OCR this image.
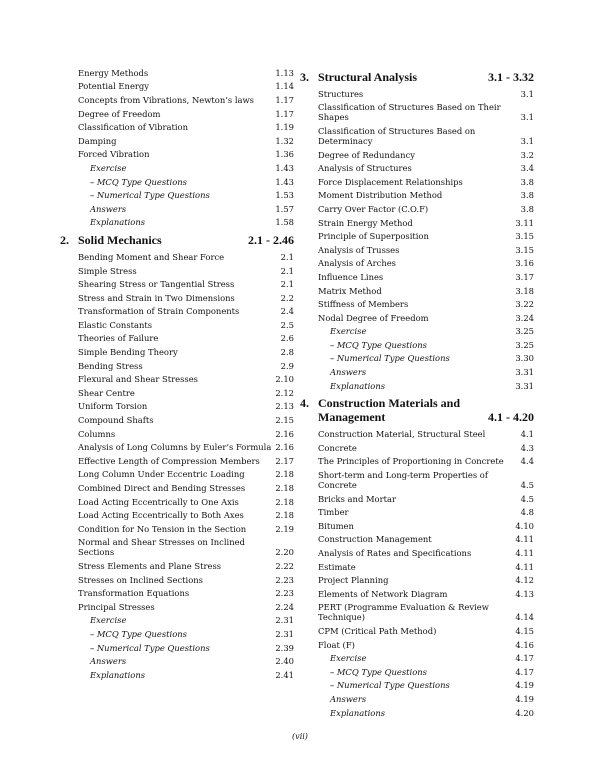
Energy Methods	1.13
Potential Energy	1.14
Concepts from Vibrations, Newton’s laws	1.17
Degree of Freedom	1.17
Classification of Vibration	1.19
Damping	1.32
Forced Vibration	1.36
Exercise	1.43
– MCQ Type Questions	1.43
– Numerical Type Questions	1.53
Answers	1.57
Explanations	1.58
2. Solid Mechanics	2.1 - 2.46
Bending Moment and Shear Force	2.1
Simple Stress	2.1
Shearing Stress or Tangential Stress	2.1
Stress and Strain in Two Dimensions	2.2
Transformation of Strain Components	2.4
Elastic Constants	2.5
Theories of Failure	2.6
Simple Bending Theory	2.8
Bending Stress	2.9
Flexural and Shear Stresses	2.10
Shear Centre	2.12
Uniform Torsion	2.13
Compound Shafts	2.15
Columns	2.16
Analysis of Long Columns by Euler’s Formula 2.16
Effective Length of Compression Members	2.17
Long Column Under Eccentric Loading	2.18
Combined Direct and Bending Stresses	2.18
Load Acting Eccentrically to One Axis	2.18
Load Acting Eccentrically to Both Axes	2.18
Condition for No Tension in the Section	2.19
Normal and Shear Stresses on Inclined Sections	2.20
Stress Elements and Plane Stress	2.22
Stresses on Inclined Sections	2.23
Transformation Equations	2.23
Principal Stresses	2.24
Exercise	2.31
– MCQ Type Questions	2.31
– Numerical Type Questions	2.39
Answers	2.40
Explanations	2.41
3. Structural Analysis	3.1 - 3.32
Structures	3.1
Classification of Structures Based on Their Shapes	3.1
Classification of Structures Based on Determinacy	3.1
Degree of Redundancy	3.2
Analysis of Structures	3.4
Force Displacement Relationships	3.8
Moment Distribution Method	3.8
Carry Over Factor (C.O.F)	3.8
Strain Energy Method	3.11
Principle of Superposition	3.15
Analysis of Trusses	3.15
Analysis of Arches	3.16
Influence Lines	3.17
Matrix Method	3.18
Stiffness of Members	3.22
Nodal Degree of Freedom	3.24
Exercise	3.25
– MCQ Type Questions	3.25
– Numerical Type Questions	3.30
Answers	3.31
Explanations	3.31
4. Construction Materials and
Management	4.1 - 4.20
Construction Material, Structural Steel	4.1
Concrete	4.3
The Principles of Proportioning in Concrete	4.4
Short-term and Long-term Properties of Concrete	4.5
Bricks and Mortar	4.5
Timber	4.8
Bitumen	4.10
Construction Management	4.11
Analysis of Rates and Specifications	4.11
Estimate	4.11
Project Planning	4.12
Elements of Network Diagram	4.13
PERT (Programme Evaluation & Review Technique)	4.14
CPM (Critical Path Method)	4.15
Float (F)	4.16
Exercise	4.17
– MCQ Type Questions	4.17
– Numerical Type Questions	4.19
Answers	4.19
Explanations	4.20
(vii)
